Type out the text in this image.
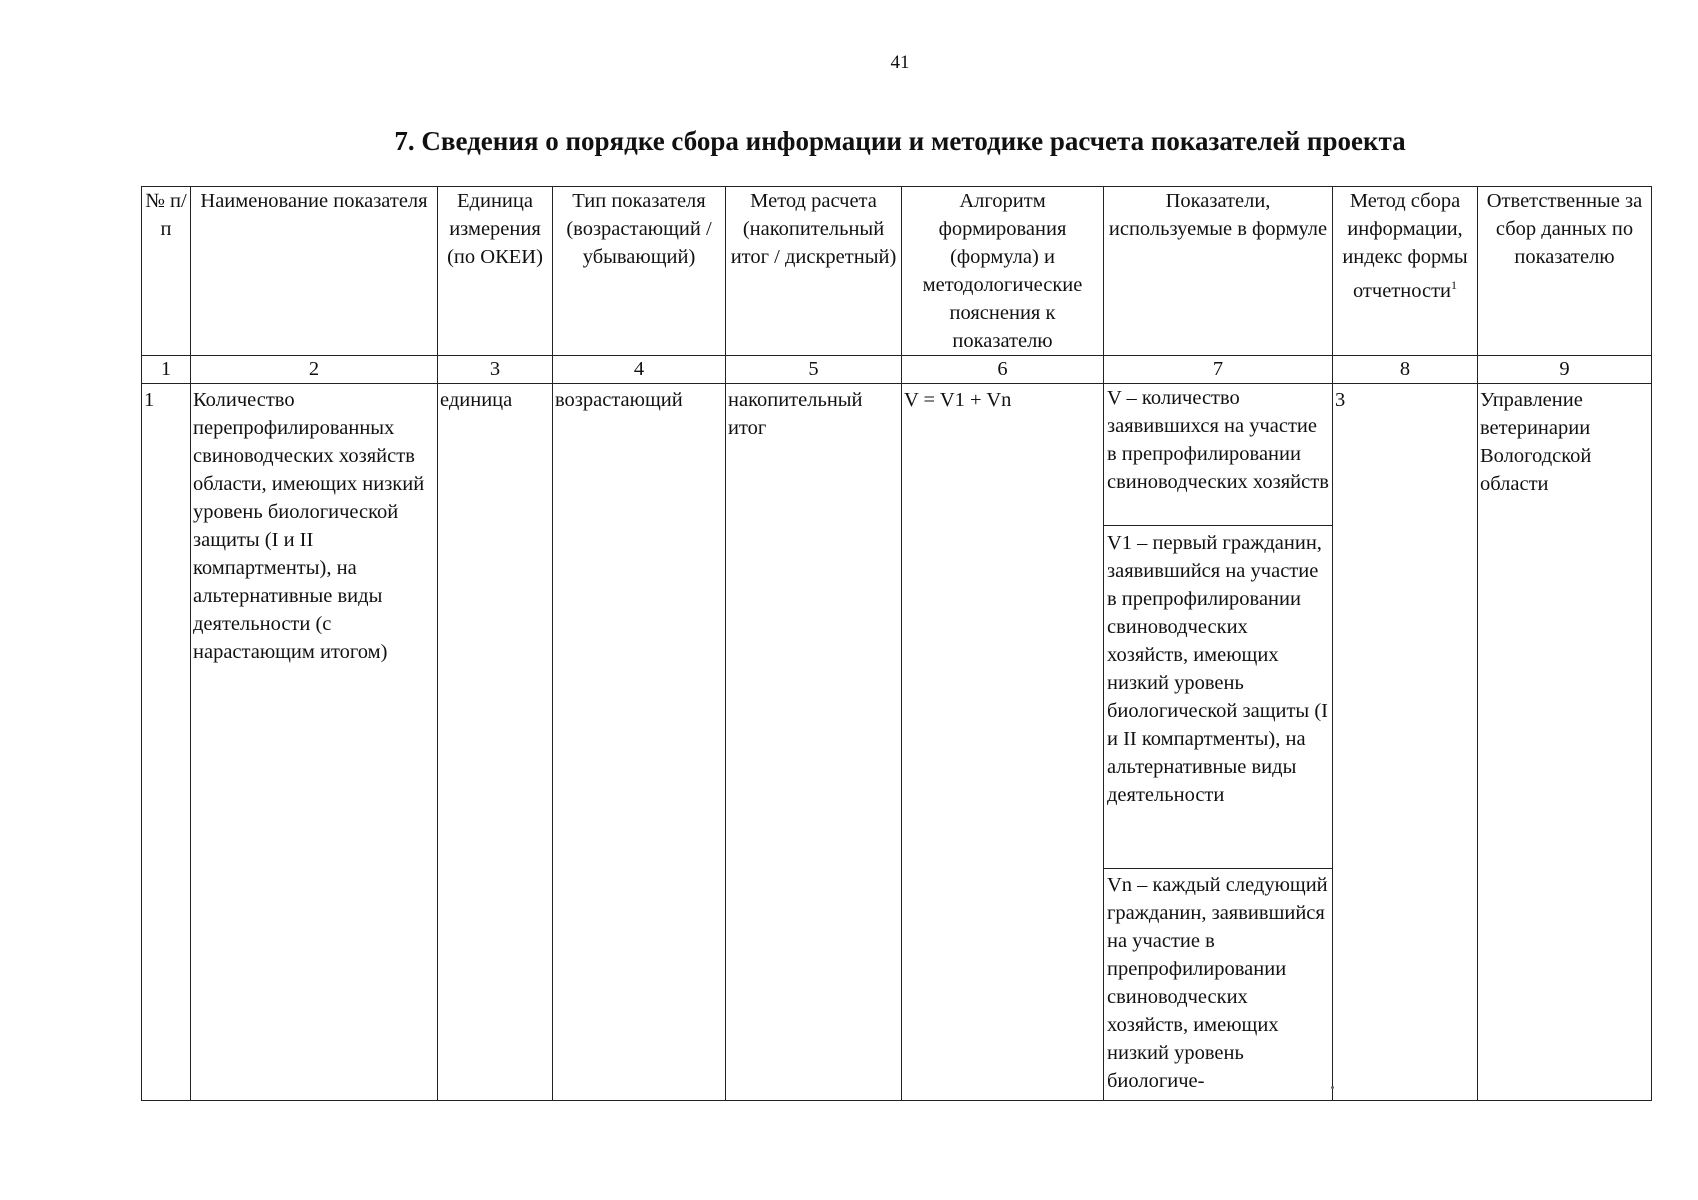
41
7. Сведения о порядке сбора информации и методике расчета показателей проекта
№ п/п	Наименование показателя	Единица измерения (по ОКЕИ)	Тип показателя (возрастающий / убывающий)	Метод расчета (накопительный итог / дискретный)	Алгоритм формирования (формула) и методологические пояснения к показателю	Показатели, используемые в формуле	Метод сбора информации, индекс формы отчетности$^1$	Ответственные за сбор данных по показателю
1	2	3	4	5	6	7	8	9
1	Количество перепрофилированных свиноводческих хозяйств области, имеющих низкий уровень биологической защиты (I и II компартменты), на альтернативные виды деятельности (с нарастающим итогом)	единица	возрастающий	накопительный итог	V = V1 + Vn	V – количество заявившихся на участие в препрофилировании свиноводческих хозяйств
V1 – первый гражданин, заявившийся на участие в препрофилировании свиноводческих хозяйств, имеющих низкий уровень биологической защиты (I и II компартменты), на альтернативные виды деятельности
Vn – каждый следующий гражданин, заявившийся на участие в препрофилировании свиноводческих хозяйств, имеющих низкий уровень биологиче-	3	Управление ветеринарии Вологодской области
